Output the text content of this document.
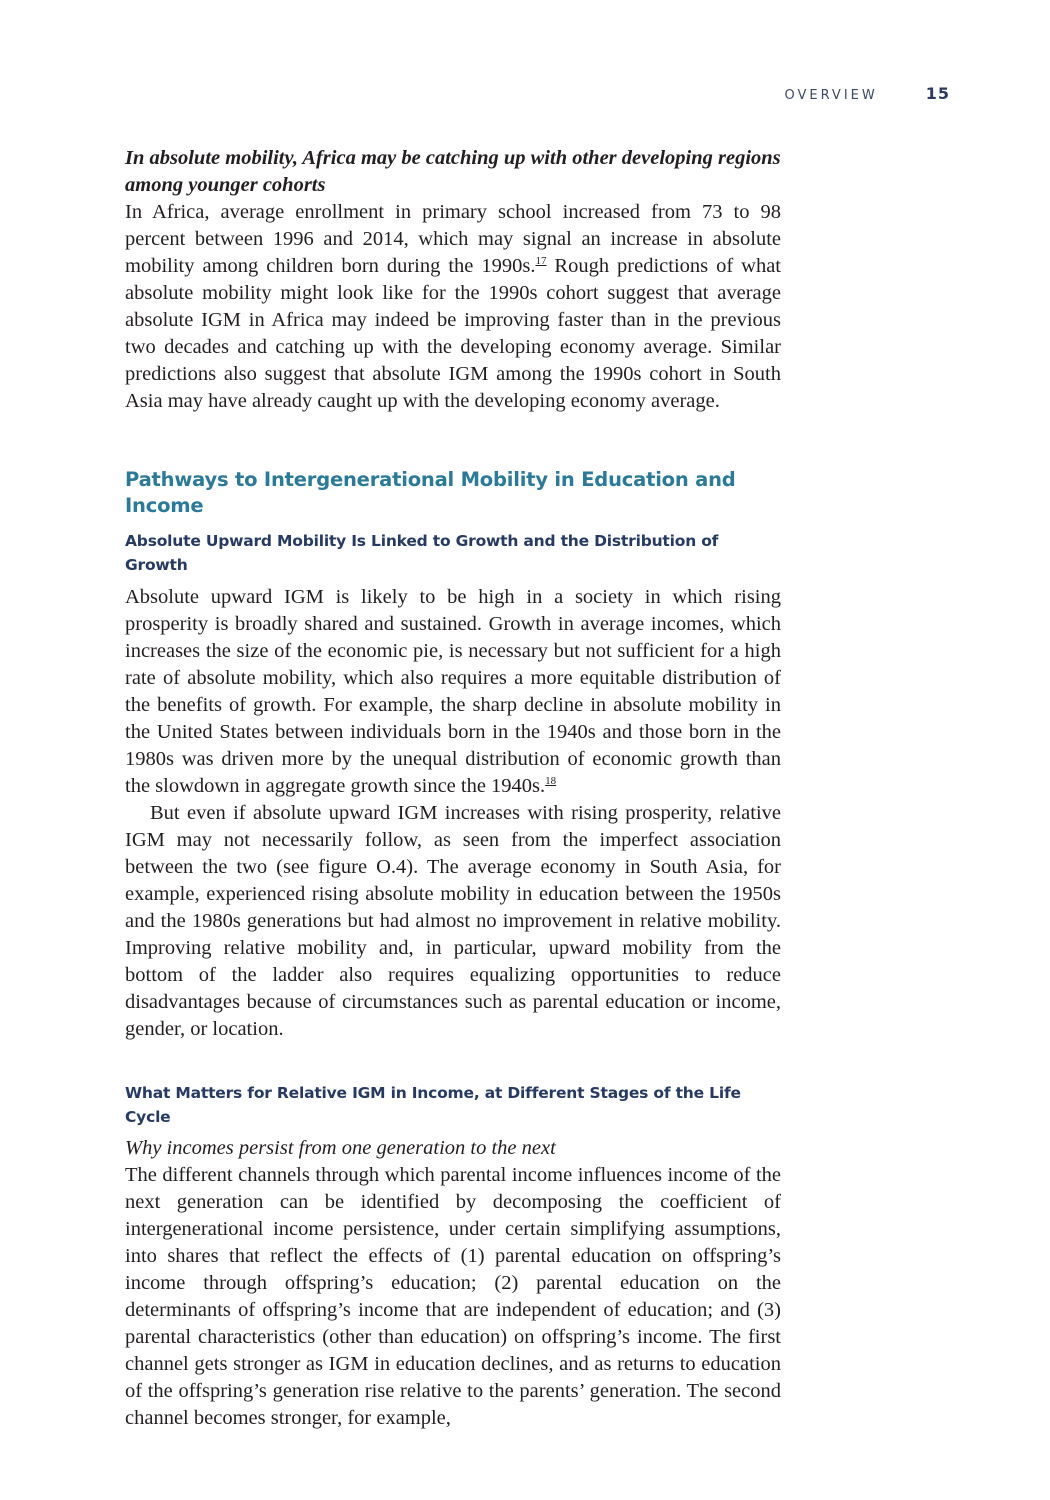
OVERVIEW	15

In absolute mobility, Africa may be catching up with other developing regions among younger cohorts

In Africa, average enrollment in primary school increased from 73 to 98 percent between 1996 and 2014, which may signal an increase in absolute mobility among children born during the 1990s.$^{17}$ Rough predictions of what absolute mobility might look like for the 1990s cohort suggest that average absolute IGM in Africa may indeed be improving faster than in the previous two decades and catching up with the developing economy average. Similar predictions also suggest that absolute IGM among the 1990s cohort in South Asia may have already caught up with the developing economy average.

Pathways to Intergenerational Mobility in Education and Income
Absolute Upward Mobility Is Linked to Growth and the Distribution of Growth

Absolute upward IGM is likely to be high in a society in which rising prosperity is broadly shared and sustained. Growth in average incomes, which increases the size of the economic pie, is necessary but not sufficient for a high rate of absolute mobility, which also requires a more equitable distribution of the benefits of growth. For example, the sharp decline in absolute mobility in the United States between individuals born in the 1940s and those born in the 1980s was driven more by the unequal distribution of economic growth than the slowdown in aggregate growth since the 1940s.$^{18}$

But even if absolute upward IGM increases with rising prosperity, relative IGM may not necessarily follow, as seen from the imperfect association between the two (see figure O.4). The average economy in South Asia, for example, experienced rising absolute mobility in education between the 1950s and the 1980s generations but had almost no improvement in relative mobility. Improving relative mobility and, in particular, upward mobility from the bottom of the ladder also requires equalizing opportunities to reduce disadvantages because of circumstances such as parental education or income, gender, or location.

What Matters for Relative IGM in Income, at Different Stages of the Life Cycle

Why incomes persist from one generation to the next

The different channels through which parental income influences income of the next generation can be identified by decomposing the coefficient of intergenerational income persistence, under certain simplifying assumptions, into shares that reflect the effects of (1) parental education on offspring’s income through offspring’s education; (2) parental education on the determinants of offspring’s income that are independent of education; and (3) parental characteristics (other than education) on offspring’s income. The first channel gets stronger as IGM in education declines, and as returns to education of the offspring’s generation rise relative to the parents’ generation. The second channel becomes stronger, for example,
